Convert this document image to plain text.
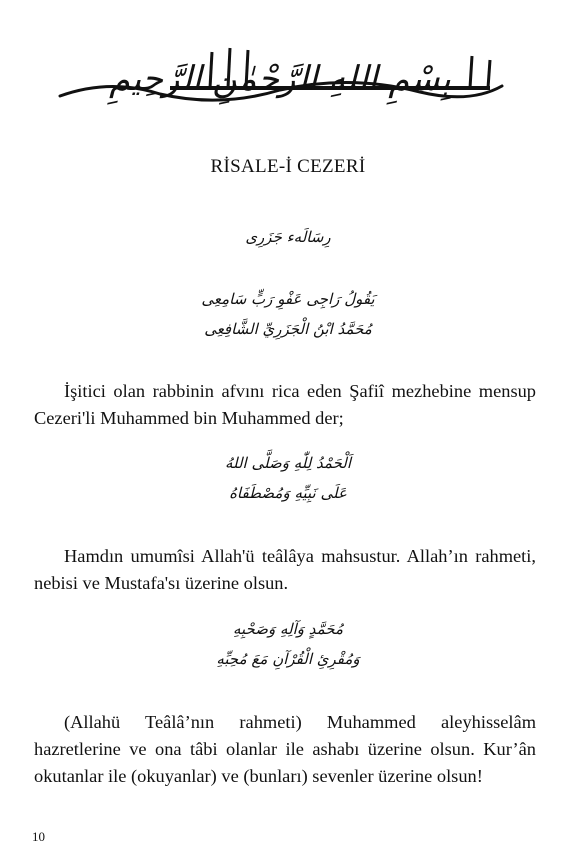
بِسْمِ اللهِ الرَّحْمٰنِ الرَّحِيمِ
RİSALE-İ CEZERİ
رِسَالَهء جَزَرِى
يَقُولُ رَاجِى عَفْوِ رَبٍّ سَامِعِى
مُحَمَّدُ ابْنُ الْجَزَرِيِّ الشَّافِعِى
İşitici olan rabbinin afvını rica eden Şafiî mezhebine mensup Cezeri'li Muhammed bin Muhammed der;
اَلْحَمْدُ لِلّٰهِ وَصَلَّى اللهُ
عَلَى نَبِيِّهِ وَمُصْطَفَاهُ
Hamdın umumîsi Allah'ü teâlâya mahsustur. Allah’ın rahmeti, nebisi ve Mustafa'sı üzerine olsun.
مُحَمَّدٍ وَآلِهِ وَصَحْبِهِ
وَمُقْرِئِ الْقُرْآنِ مَعَ مُحِبِّهِ
(Allahü Teâlâ’nın rahmeti) Muhammed aleyhisselâm hazretlerine ve ona tâbi olanlar ile ashabı üzerine olsun. Kur’ân okutanlar ile (okuyanlar) ve (bunları) sevenler üzerine olsun!
10
